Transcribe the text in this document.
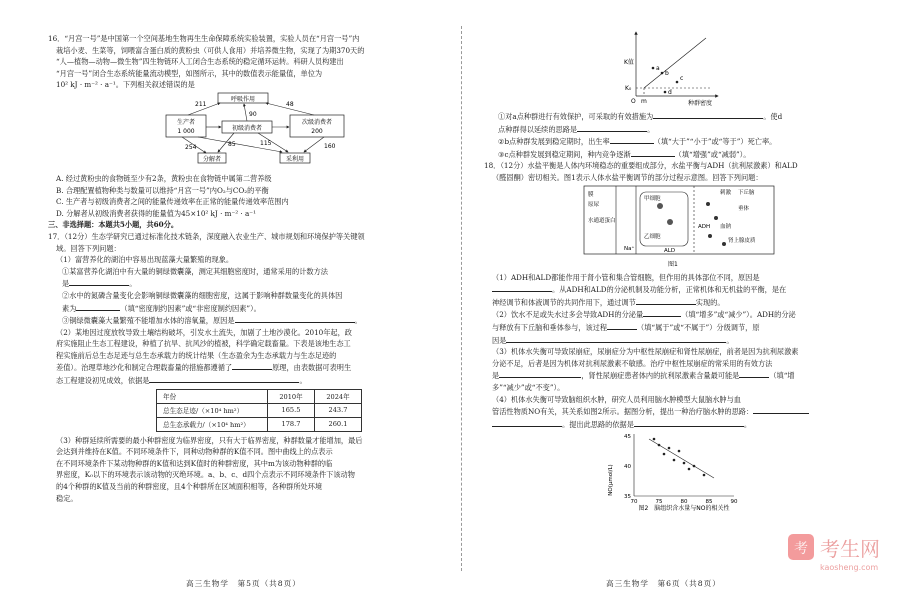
16．“月宫一号”是中国第一个空间基地生物再生生命保障系统实验装置，实验人员在“月宫一号”内

栽培小麦、生菜等，饲喂富含蛋白质的黄粉虫（可供人食用）并培养微生物，实现了为期370天的

“人—植物—动物—微生物”四生物链环人工闭合生态系统的稳定循环运转。科研人员构建出

“月宫一号”闭合生态系统能量流动模型，如图所示，其中的数值表示能量值，单位为

10² kJ · m⁻² · a⁻¹。下列相关叙述错误的是

呼吸作用
生产者
1 000	初级消费者
次级消费者
200
分解者	采利用
211	48
90
254	85	115	160

A. 经过黄粉虫的食物链至少有2条，黄粉虫在食物链中属第二营养级

B. 合理配置植物种类与数量可以维持“月宫一号”内O₂与CO₂的平衡

C. 生产者与初级消费者之间的能量传递效率在正常的能量传递效率范围内

D. 分解者从初级消费者获得的能量值为45×10² kJ · m⁻² · a⁻¹

三、非选择题：本题共5小题，共60分。

17．（12分）生态学研究已通过标准化技术链条，深度融入农业生产、城市规划和环境保护等关键领

域。回答下列问题：

（1）富营养化的湖泊中容易出现蓝藻大量繁殖的现象。

①某富营养化湖泊中有大量的铜绿微囊藻，测定其细胞密度时，通常采用的计数方法

是	。

②水中的氮磷含量变化会影响铜绿微囊藻的细胞密度，这属于影响种群数量变化的具体因

素为	（填“密度制约因素”或“非密度制约因素”）。

③铜绿微囊藻大量繁殖不能增加水体的溶氧量，原因是	。

（2）某地因过度放牧导致土壤结构破坏，引发水土流失，加剧了土地沙漠化。2010年起，政

府实施阻止生态工程建设，种植了抗旱、抗风沙的植被，科学确定载畜量。下表是该地生态工

程实施前后总生态足迹与总生态承载力的统计结果（生态盈余为生态承载力与生态足迹的

差值）。治理草地沙化和制定合理载畜量的措施都遵循了	原理，由表数据可表明生

态工程建设初见成效，依据是	。

年份	2010年	2024年
总生态足迹/（×10⁴ hm²）	165.5	243.7
总生态承载力/（×10⁴ hm²）	178.7	260.1

（3）种群延续所需要的最小种群密度为临界密度，只有大于临界密度，种群数量才能增加，最后

会达到并维持在K值。不同环境条件下，同种动物种群的K值不同。图中曲线上的点表示

在不同环境条件下某动物种群的K值和达到K值时的种群密度，其中m为该动物种群的临

界密度，K₀以下的环境表示该动物的灭绝环境。a、b、c、d四个点表示不同环境条件下该动物

的4个种群的K值及当前的种群密度，且4个种群所在区域面积相等，各种群所处环境

稳定。

高三生物学　第5页（共8页）
K值
种群密度
K₀
O m
a
b
c
d

①对a点种群进行有效保护，可采取的有效措施为	。使d

点种群得以延续的思路是	。

②b点种群发展到稳定期时，出生率	（填“大于”“小于”或“等于”）死亡率。

③c点种群发展到稳定期间，种内竞争逐渐	（填“增强”或“减弱”）。

18．（12分）水盐平衡是人体内环境稳态的重要组成部分，水盐平衡与ADH（抗利尿激素）和ALD

（醛固酮）密切相关。图1表示人体水盐平衡调节的部分过程示意图。回答下列问题：

膜
原尿
水通道蛋白
甲细胞
乙细胞
ADH
ALD
Na⁺
刺激 下丘脑
垂体
肾上腺皮质
血钠
图1

（1）ADH和ALD都能作用于肾小管和集合管细胞，但作用的具体部位不同，原因是

。从ADH和ALD的分泌机制及功能分析，正常机体和无机盐的平衡，是在

神经调节和体液调节的共同作用下，通过调节	实现的。

（2）饮水不足或失水过多会导致ADH的分泌量	（填“增多”或“减少”）。ADH的分泌

与释放有下丘脑和垂体参与，该过程	（填“属于”或“不属于”）分级调节，原

因是	。

（3）机体水失衡可导致尿崩症，尿崩症分为中枢性尿崩症和肾性尿崩症，前者是因为抗利尿激素

分泌不足，后者是因为机体对抗利尿激素不敏感。治疗中枢性尿崩症的常采用的有效方法

是	，肾性尿崩症患者体内的抗利尿激素含量最可能是	（填“增

多”“减少”或“不变”）。

（4）机体水失衡可导致脑组织水肿，研究人员利用脑水肿模型大鼠脑水肿与血

管活性物质NO有关，其关系如图2所示。据图分析，提出一种治疗脑水肿的思路：

。提出此思路的依据是	。

NO(μmol/L)
35
40
45
70	75	80	85	90
图2　脑组织含水量与NO的相关性
高三生物学　第6页（共8页）
考 考生网
kaosheng.com
